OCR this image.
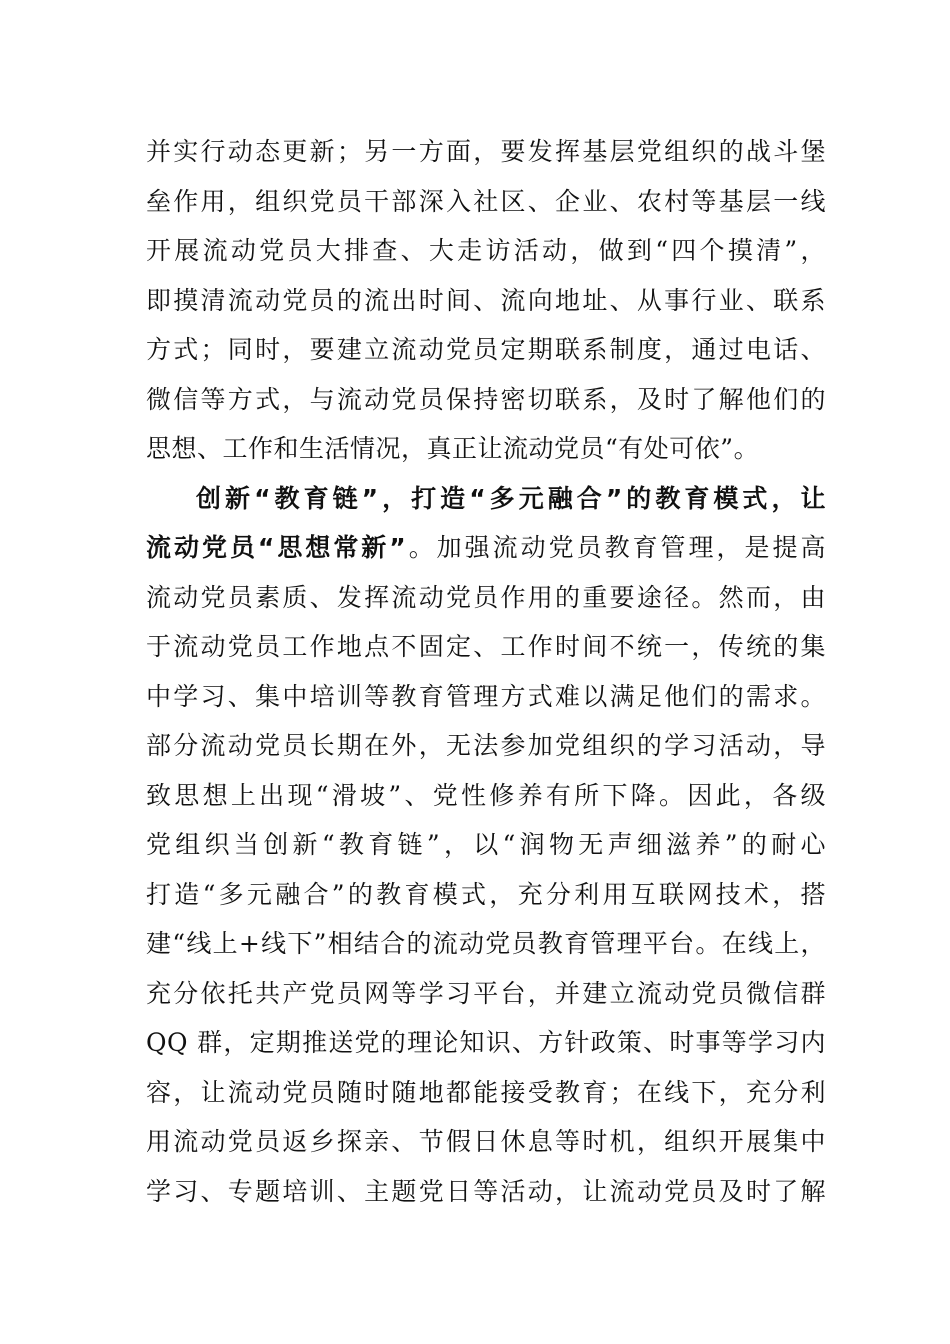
并实行动态更新；另一方面，要发挥基层党组织的战斗堡
垒作用，组织党员干部深入社区、企业、农村等基层一线
开展流动党员大排查、大走访活动，做到“四个摸清”，
即摸清流动党员的流出时间、流向地址、从事行业、联系
方式；同时，要建立流动党员定期联系制度，通过电话、
微信等方式，与流动党员保持密切联系，及时了解他们的
思想、工作和生活情况，真正让流动党员“有处可依”。
创新“教育链”，打造“多元融合”的教育模式，让
流动党员“思想常新”。加强流动党员教育管理，是提高
流动党员素质、发挥流动党员作用的重要途径。然而，由
于流动党员工作地点不固定、工作时间不统一，传统的集
中学习、集中培训等教育管理方式难以满足他们的需求。
部分流动党员长期在外，无法参加党组织的学习活动，导
致思想上出现“滑坡”、党性修养有所下降。因此，各级
党组织当创新“教育链”，以“润物无声细滋养”的耐心
打造“多元融合”的教育模式，充分利用互联网技术，搭
建“线上+线下”相结合的流动党员教育管理平台。在线上，
充分依托共产党员网等学习平台，并建立流动党员微信群
QQ 群，定期推送党的理论知识、方针政策、时事等学习内
容，让流动党员随时随地都能接受教育；在线下，充分利
用流动党员返乡探亲、节假日休息等时机，组织开展集中
学习、专题培训、主题党日等活动，让流动党员及时了解
